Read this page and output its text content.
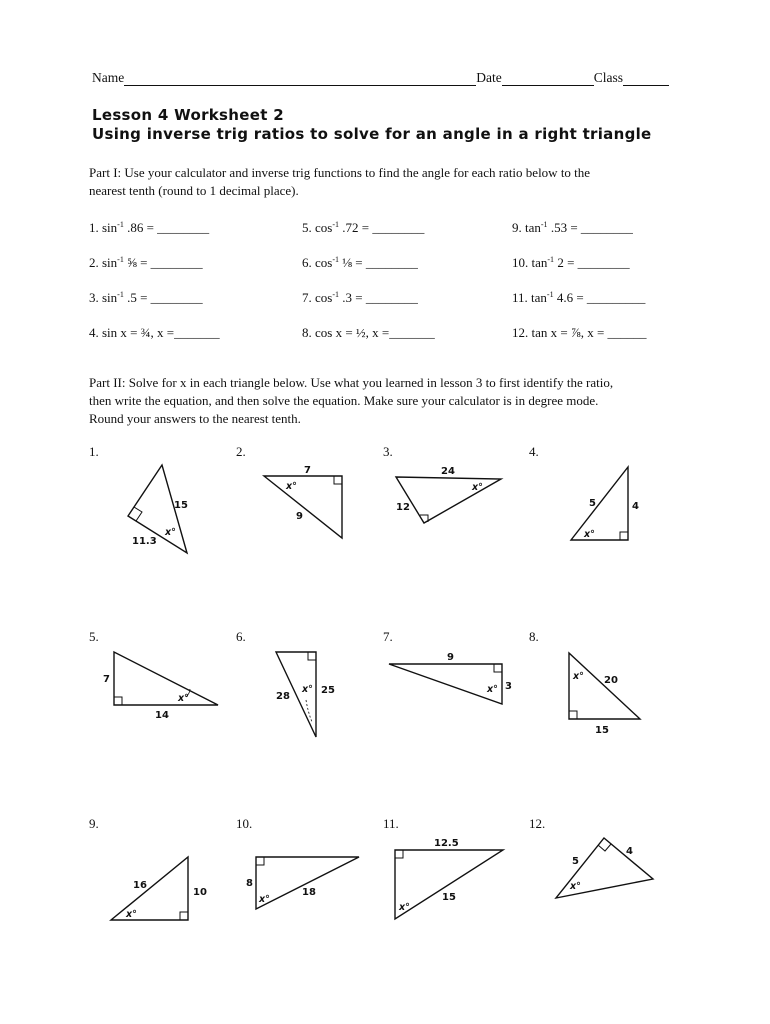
Name	Date	Class
Lesson 4 Worksheet 2
Using inverse trig ratios to solve for an angle in a right triangle
Part I: Use your calculator and inverse trig functions to find the angle for each ratio below to the
nearest tenth (round to 1 decimal place).
1. $\sin^{-1} .86$ = ________
2. $\sin^{-1}$ ⅝ = ________
3. $\sin^{-1} .5$ = ________
4. sin x = ¾, x =_______
5. $\cos^{-1} .72$ = ________
6. $\cos^{-1}$ ⅛ = ________
7. $\cos^{-1} .3$ = ________
8. cos x = ½, x =_______
9. $\tan^{-1} .53$ = ________
10. $\tan^{-1} 2$ = ________
11. $\tan^{-1} 4.6$ = _________
12. tan x = ⅞, x = ______
Part II: Solve for x in each triangle below. Use what you learned in lesson 3 to first identify the ratio,
then write the equation, and then solve the equation. Make sure your calculator is in degree mode.
Round your answers to the nearest tenth.
1.	2.	3.	4.
5.	6.	7.	8.
9.	10.	11.	12.
15
11.3
x°
7
9
x°
24
12
x°
5	4
x°
7
14
x°	28
25
x°
9
3
x°
20
15
x°
16
10
x°
8
18
x°
12.5
15
x°
5
4
x°
